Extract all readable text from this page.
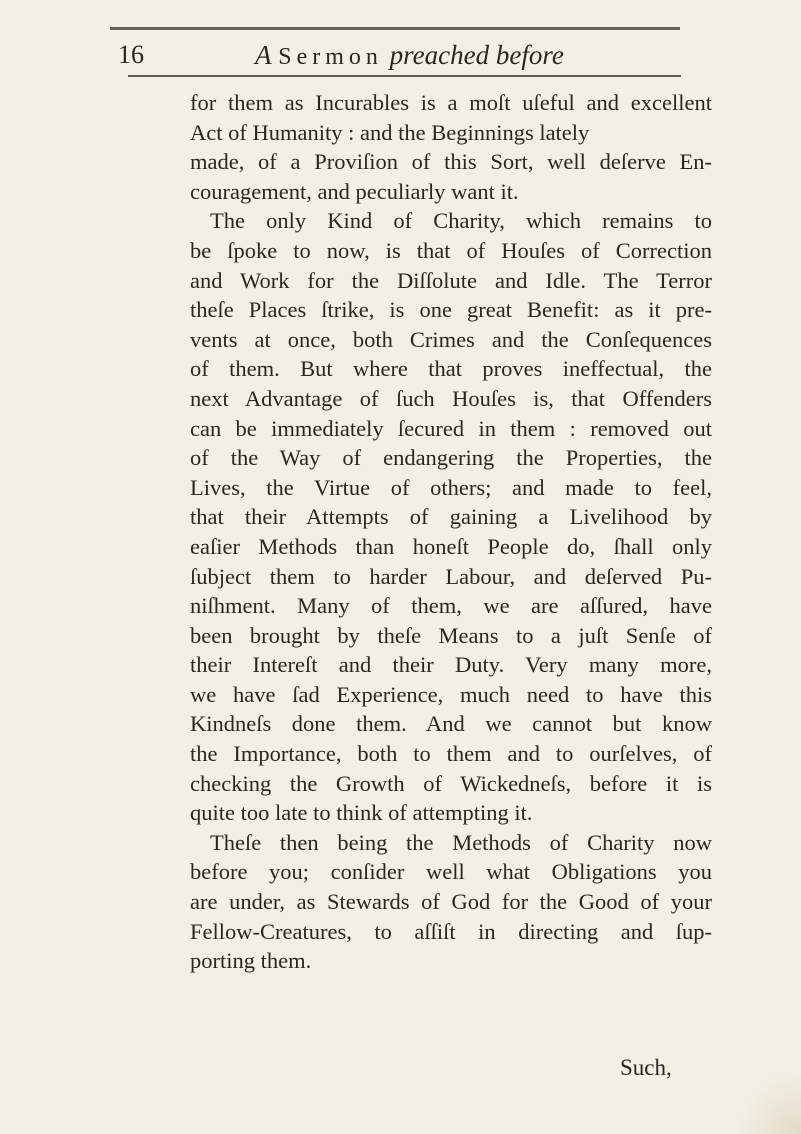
16	A Sermon preached before
for them as Incurables is a moſt uſeful and excellent
Act of Humanity : and the Beginnings lately
made, of a Proviſion of this Sort, well deſerve En-
couragement, and peculiarly want it.
The only Kind of Charity, which remains to
be ſpoke to now, is that of Houſes of Correction
and Work for the Diſſolute and Idle. The Terror
theſe Places ſtrike, is one great Benefit: as it pre-
vents at once, both Crimes and the Conſequences
of them. But where that proves ineffectual, the
next Advantage of ſuch Houſes is, that Offenders
can be immediately ſecured in them : removed out
of the Way of endangering the Properties, the
Lives, the Virtue of others; and made to feel,
that their Attempts of gaining a Livelihood by
eaſier Methods than honeſt People do, ſhall only
ſubject them to harder Labour, and deſerved Pu-
niſhment. Many of them, we are aſſured, have
been brought by theſe Means to a juſt Senſe of
their Intereſt and their Duty. Very many more,
we have ſad Experience, much need to have this
Kindneſs done them. And we cannot but know
the Importance, both to them and to ourſelves, of
checking the Growth of Wickedneſs, before it is
quite too late to think of attempting it.
Theſe then being the Methods of Charity now
before you; conſider well what Obligations you
are under, as Stewards of God for the Good of your
Fellow-Creatures, to aſſiſt in directing and ſup-
porting them.
Such,
